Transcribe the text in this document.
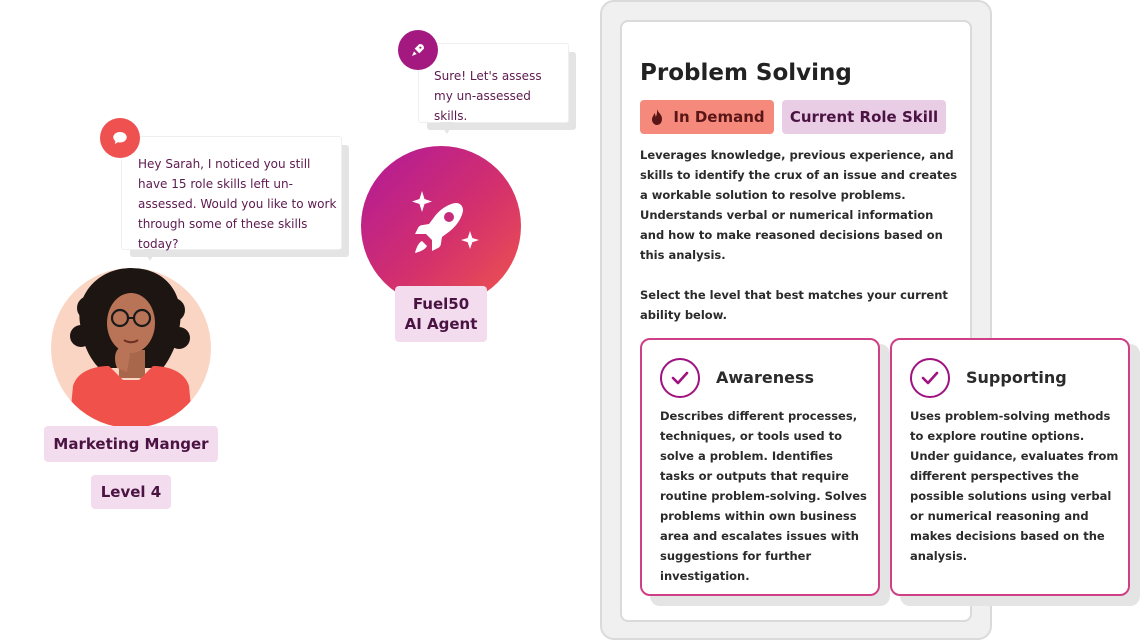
Sure! Let's assess my un-assessed skills.
Hey Sarah, I noticed you still have 15 role skills left un-assessed. Would you like to work through some of these skills today?
Fuel50
AI Agent
Marketing Manger
Level 4
Problem Solving
In Demand Current Role Skill
Leverages knowledge, previous experience, and skills to identify the crux of an issue and creates a workable solution to resolve problems. Understands verbal or numerical information and how to make reasoned decisions based on this analysis.
Select the level that best matches your current ability below.
Awareness
Describes different processes, techniques, or tools used to solve a problem. Identifies tasks or outputs that require routine problem-solving. Solves problems within own business area and escalates issues with suggestions for further investigation.
Supporting
Uses problem-solving methods to explore routine options. Under guidance, evaluates from different perspectives the possible solutions using verbal or numerical reasoning and makes decisions based on the analysis.
